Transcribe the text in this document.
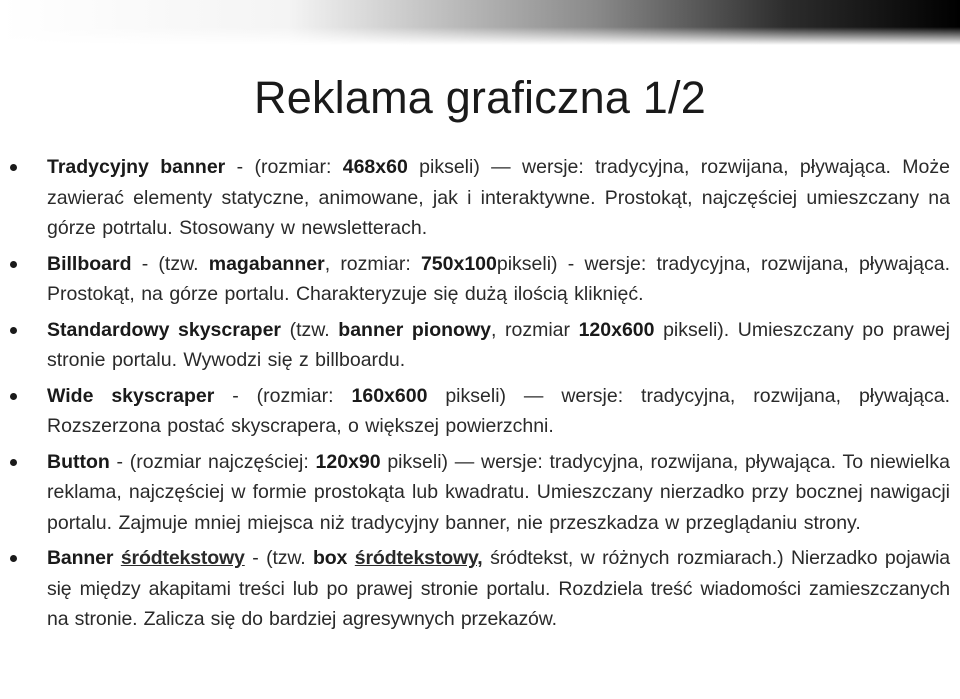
Reklama graficzna 1/2
Tradycyjny banner - (rozmiar: 468x60 pikseli) — wersje: tradycyjna, rozwijana, pływająca. Może zawierać elementy statyczne, animowane, jak i interaktywne. Prostokąt, najczęściej umieszczany na górze potrtalu. Stosowany w newsletterach.
Billboard - (tzw. magabanner, rozmiar: 750x100pikseli) - wersje: tradycyjna, rozwijana, pływająca. Prostokąt, na górze portalu. Charakteryzuje się dużą ilością kliknięć.
Standardowy skyscraper (tzw. banner pionowy, rozmiar 120x600 pikseli). Umieszczany po prawej stronie portalu. Wywodzi się z billboardu.
Wide skyscraper - (rozmiar: 160x600 pikseli) — wersje: tradycyjna, rozwijana, pływająca. Rozszerzona postać skyscrapera, o większej powierzchni.
Button - (rozmiar najczęściej: 120x90 pikseli) — wersje: tradycyjna, rozwijana, pływająca. To niewielka reklama, najczęściej w formie prostokąta lub kwadratu. Umieszczany nierzadko przy bocznej nawigacji portalu. Zajmuje mniej miejsca niż tradycyjny banner, nie przeszkadza w przeglądaniu strony.
Banner śródtekstowy - (tzw. box śródtekstowy, śródtekst, w różnych rozmiarach.) Nierzadko pojawia się między akapitami treści lub po prawej stronie portalu. Rozdziela treść wiadomości zamieszczanych na stronie. Zalicza się do bardziej agresywnych przekazów.
